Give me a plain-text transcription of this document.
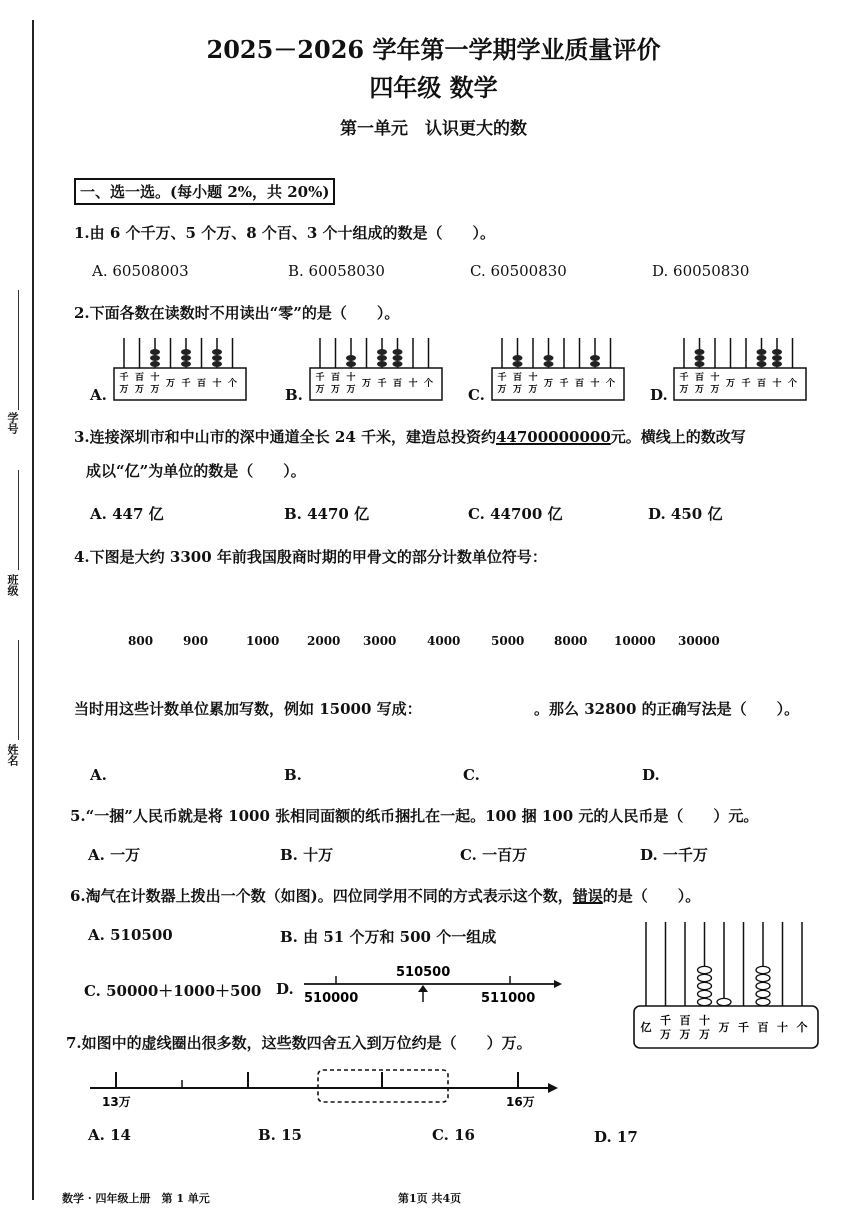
学号
班级
姓名
2025－2026 学年第一学期学业质量评价
四年级 数学
第一单元　认识更大的数
一、选一选。(每小题 2%，共 20%)
1.由 6 个千万、5 个万、8 个百、3 个十组成的数是（　　）。
A. 60508003	B. 60058030	C. 60500830	D. 60050830
2.下面各数在读数时不用读出“零”的是（　　）。
A.	B.	C.	D.
千
万
百
万
十
万
万 千 百 十 个
千
万
百
万
十
万
万 千 百 十 个
千
万
百
万
十
万
万 千 百 十 个
千
万
百
万
十
万
万 千 百 十 个
3.连接深圳市和中山市的深中通道全长 24 千米，建造总投资约44700000000元。横线上的数改写
成以“亿”为单位的数是（　　）。
A. 447 亿	B. 4470 亿	C. 44700 亿	D. 450 亿
4.下图是大约 3300 年前我国殷商时期的甲骨文的部分计数单位符号：
800 900	1000 2000 3000	4000	5000 8000 10000 30000
当时用这些计数单位累加写数，例如 15000 写成：	。那么 32800 的正确写法是（　　）。
A.	B.	C.	D.
5.“一捆”人民币就是将 1000 张相同面额的纸币捆扎在一起。100 捆 100 元的人民币是（　　）元。
A. 一万	B. 十万	C. 一百万	D. 一千万
6.淘气在计数器上拨出一个数（如图)。四位同学用不同的方式表示这个数，错误的是（　　）。
A. 510500	B. 由 51 个万和 500 个一组成
C. 50000＋1000＋500 D.
510000
510500
511000
亿
千
万
百
万
十
万
万 千 百 十 个
7.如图中的虚线圈出很多数，这些数四舍五入到万位约是（　　）万。
13万	16万
A. 14	B. 15	C. 16	D. 17
数学 · 四年级上册　第 1 单元	第1页 共4页
